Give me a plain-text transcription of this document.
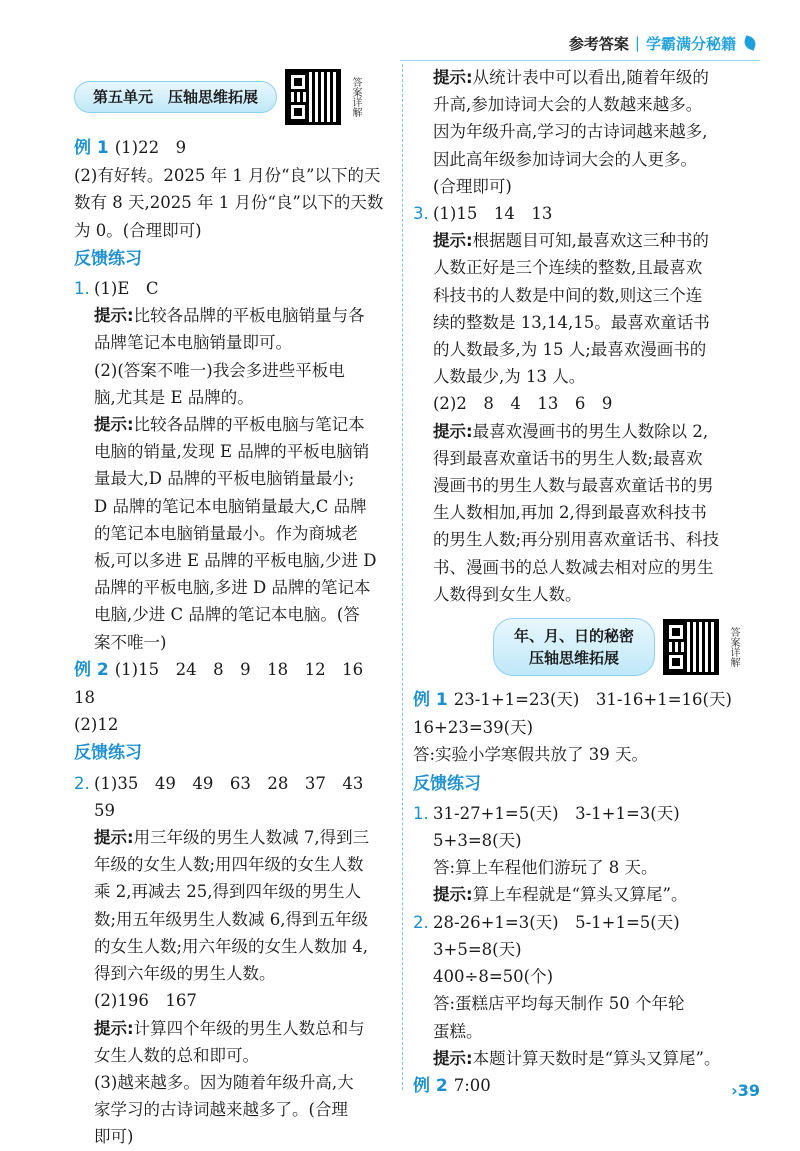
参考答案 | 学霸满分秘籍
第五单元　压轴思维拓展	答案详解

例 1 (1)22　9

(2)有好转。2025 年 1 月份“良”以下的天

数有 8 天,2025 年 1 月份“良”以下的天数

为 0。(合理即可)

反馈练习

1. (1)E　C

提示:比较各品牌的平板电脑销量与各

品牌笔记本电脑销量即可。

(2)(答案不唯一)我会多进些平板电

脑,尤其是 E 品牌的。

提示:比较各品牌的平板电脑与笔记本

电脑的销量,发现 E 品牌的平板电脑销

量最大,D 品牌的平板电脑销量最小;

D 品牌的笔记本电脑销量最大,C 品牌

的笔记本电脑销量最小。作为商城老

板,可以多进 E 品牌的平板电脑,少进 D

品牌的平板电脑,多进 D 品牌的笔记本

电脑,少进 C 品牌的笔记本电脑。(答

案不唯一)

例 2 (1)15　24　8　9　18　12　16　18

(2)12

反馈练习

2. (1)35　49　49　63　28　37　43　59

提示:用三年级的男生人数减 7,得到三

年级的女生人数;用四年级的女生人数

乘 2,再减去 25,得到四年级的男生人

数;用五年级男生人数减 6,得到五年级

的女生人数;用六年级的女生人数加 4,

得到六年级的男生人数。

(2)196　167

提示:计算四个年级的男生人数总和与

女生人数的总和即可。

(3)越来越多。因为随着年级升高,大

家学习的古诗词越来越多了。(合理

即可)

提示:从统计表中可以看出,随着年级的

升高,参加诗词大会的人数越来越多。

因为年级升高,学习的古诗词越来越多,

因此高年级参加诗词大会的人更多。

(合理即可)

3. (1)15　14　13

提示:根据题目可知,最喜欢这三种书的

人数正好是三个连续的整数,且最喜欢

科技书的人数是中间的数,则这三个连

续的整数是 13,14,15。最喜欢童话书

的人数最多,为 15 人;最喜欢漫画书的

人数最少,为 13 人。

(2)2　8　4　13　6　9

提示:最喜欢漫画书的男生人数除以 2,

得到最喜欢童话书的男生人数;最喜欢

漫画书的男生人数与最喜欢童话书的男

生人数相加,再加 2,得到最喜欢科技书

的男生人数;再分别用喜欢童话书、科技

书、漫画书的总人数减去相对应的男生

人数得到女生人数。

年、月、日的秘密
压轴思维拓展	答案详解

例 1 23-1+1=23(天)　31-16+1=16(天)

16+23=39(天)

答:实验小学寒假共放了 39 天。

反馈练习

1. 31-27+1=5(天)　3-1+1=3(天)

5+3=8(天)

答:算上车程他们游玩了 8 天。

提示:算上车程就是“算头又算尾”。

2. 28-26+1=3(天)　5-1+1=5(天)

3+5=8(天)

400÷8=50(个)

答:蛋糕店平均每天制作 50 个年轮

蛋糕。

提示:本题计算天数时是“算头又算尾”。

例 2 7:00	›39
